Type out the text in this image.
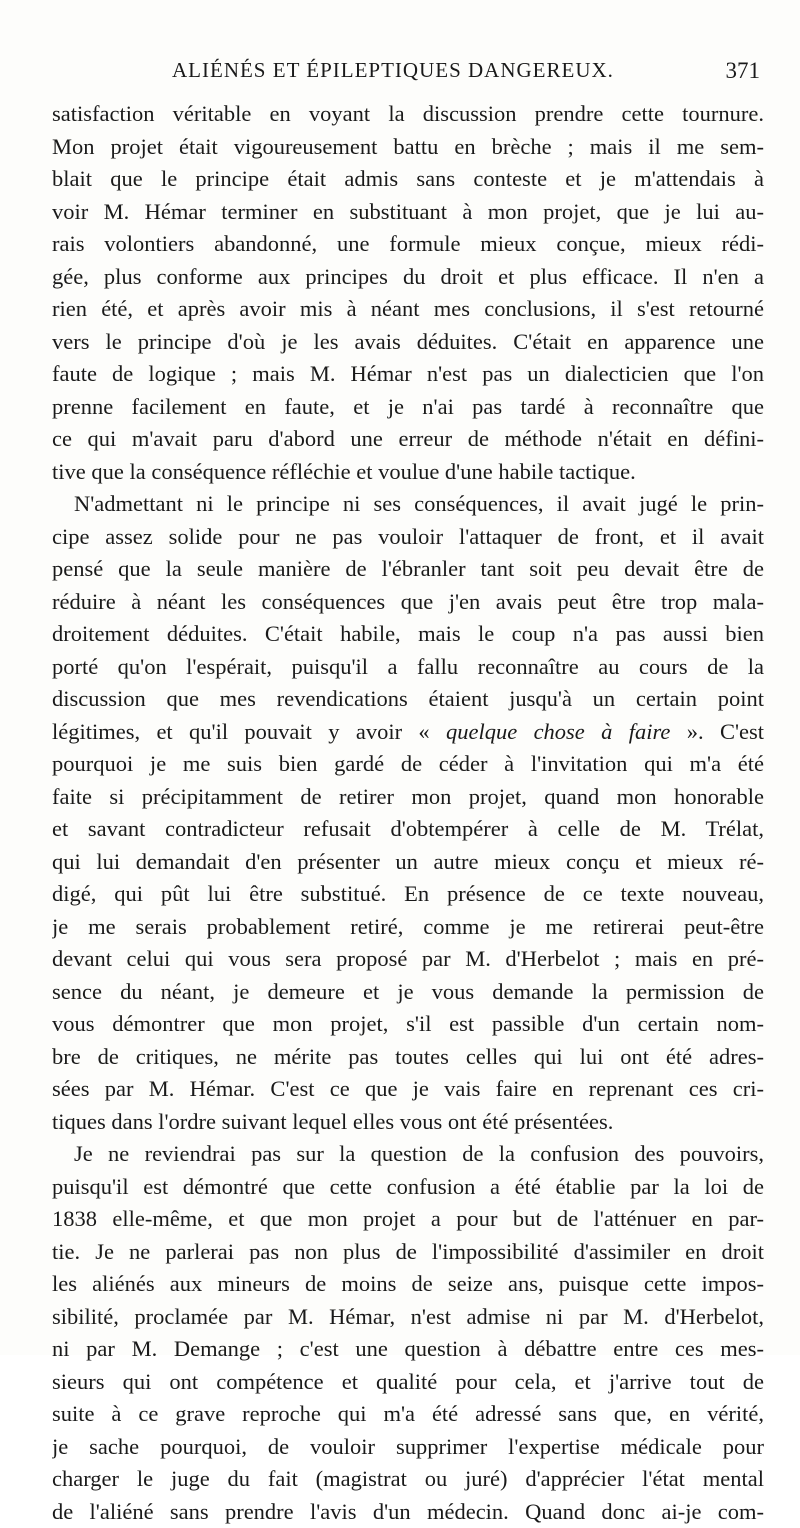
ALIÉNÉS ET ÉPILEPTIQUES DANGEREUX.	371
satisfaction véritable en voyant la discussion prendre cette tournure.
Mon projet était vigoureusement battu en brèche ; mais il me sem-
blait que le principe était admis sans conteste et je m'attendais à
voir M. Hémar terminer en substituant à mon projet, que je lui au-
rais volontiers abandonné, une formule mieux conçue, mieux rédi-
gée, plus conforme aux principes du droit et plus efficace. Il n'en a
rien été, et après avoir mis à néant mes conclusions, il s'est retourné
vers le principe d'où je les avais déduites. C'était en apparence une
faute de logique ; mais M. Hémar n'est pas un dialecticien que l'on
prenne facilement en faute, et je n'ai pas tardé à reconnaître que
ce qui m'avait paru d'abord une erreur de méthode n'était en défini-
tive que la conséquence réfléchie et voulue d'une habile tactique.
N'admettant ni le principe ni ses conséquences, il avait jugé le prin-
cipe assez solide pour ne pas vouloir l'attaquer de front, et il avait
pensé que la seule manière de l'ébranler tant soit peu devait être de
réduire à néant les conséquences que j'en avais peut être trop mala-
droitement déduites. C'était habile, mais le coup n'a pas aussi bien
porté qu'on l'espérait, puisqu'il a fallu reconnaître au cours de la
discussion que mes revendications étaient jusqu'à un certain point
légitimes, et qu'il pouvait y avoir « quelque chose à faire ». C'est
pourquoi je me suis bien gardé de céder à l'invitation qui m'a été
faite si précipitamment de retirer mon projet, quand mon honorable
et savant contradicteur refusait d'obtempérer à celle de M. Trélat,
qui lui demandait d'en présenter un autre mieux conçu et mieux ré-
digé, qui pût lui être substitué. En présence de ce texte nouveau,
je me serais probablement retiré, comme je me retirerai peut-être
devant celui qui vous sera proposé par M. d'Herbelot ; mais en pré-
sence du néant, je demeure et je vous demande la permission de
vous démontrer que mon projet, s'il est passible d'un certain nom-
bre de critiques, ne mérite pas toutes celles qui lui ont été adres-
sées par M. Hémar. C'est ce que je vais faire en reprenant ces cri-
tiques dans l'ordre suivant lequel elles vous ont été présentées.
Je ne reviendrai pas sur la question de la confusion des pouvoirs,
puisqu'il est démontré que cette confusion a été établie par la loi de
1838 elle-même, et que mon projet a pour but de l'atténuer en par-
tie. Je ne parlerai pas non plus de l'impossibilité d'assimiler en droit
les aliénés aux mineurs de moins de seize ans, puisque cette impos-
sibilité, proclamée par M. Hémar, n'est admise ni par M. d'Herbelot,
ni par M. Demange ; c'est une question à débattre entre ces mes-
sieurs qui ont compétence et qualité pour cela, et j'arrive tout de
suite à ce grave reproche qui m'a été adressé sans que, en vérité,
je sache pourquoi, de vouloir supprimer l'expertise médicale pour
charger le juge du fait (magistrat ou juré) d'apprécier l'état mental
de l'aliéné sans prendre l'avis d'un médecin. Quand donc ai-je com-
